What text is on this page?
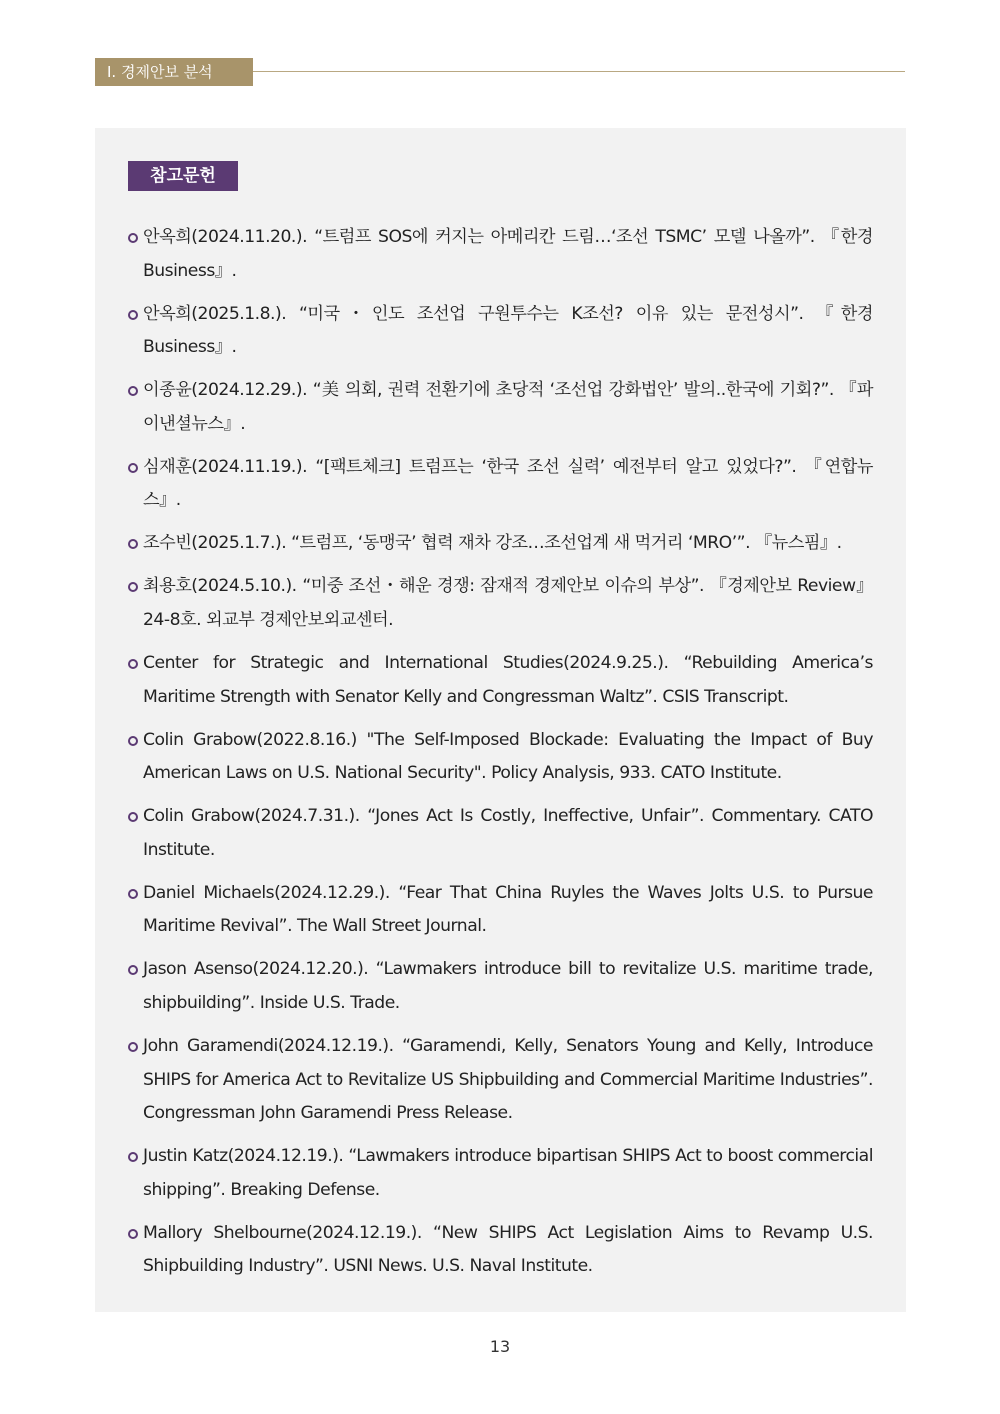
Ⅰ. 경제안보 분석
참고문헌
안옥희(2024.11.20.). “트럼프 SOS에 커지는 아메리칸 드림…‘조선 TSMC’ 모델 나올까”. 『한경 Business』.
안옥희(2025.1.8.). “미국・인도 조선업 구원투수는 K조선? 이유 있는 문전성시”. 『한경 Business』.
이종윤(2024.12.29.). “美 의회, 권력 전환기에 초당적 ‘조선업 강화법안’ 발의..한국에 기회?”. 『파이낸셜뉴스』.
심재훈(2024.11.19.). “[팩트체크] 트럼프는 ‘한국 조선 실력’ 예전부터 알고 있었다?”. 『연합뉴스』.
조수빈(2025.1.7.). “트럼프, ‘동맹국’ 협력 재차 강조…조선업계 새 먹거리 ‘MRO’”. 『뉴스핌』.
최용호(2024.5.10.). “미중 조선・해운 경쟁: 잠재적 경제안보 이슈의 부상”. 『경제안보 Review』 24-8호. 외교부 경제안보외교센터.
Center for Strategic and International Studies(2024.9.25.). “Rebuilding America’s Maritime Strength with Senator Kelly and Congressman Waltz”. CSIS Transcript.
Colin Grabow(2022.8.16.) "The Self-Imposed Blockade: Evaluating the Impact of Buy American Laws on U.S. National Security". Policy Analysis, 933. CATO Institute.
Colin Grabow(2024.7.31.). “Jones Act Is Costly, Ineffective, Unfair”. Commentary. CATO Institute.
Daniel Michaels(2024.12.29.). “Fear That China Ruyles the Waves Jolts U.S. to Pursue Maritime Revival”. The Wall Street Journal.
Jason Asenso(2024.12.20.). “Lawmakers introduce bill to revitalize U.S. maritime trade, shipbuilding”. Inside U.S. Trade.
John Garamendi(2024.12.19.). “Garamendi, Kelly, Senators Young and Kelly, Introduce SHIPS for America Act to Revitalize US Shipbuilding and Commercial Maritime Industries”. Congressman John Garamendi Press Release.
Justin Katz(2024.12.19.). “Lawmakers introduce bipartisan SHIPS Act to boost commercial shipping”. Breaking Defense.
Mallory Shelbourne(2024.12.19.). “New SHIPS Act Legislation Aims to Revamp U.S. Shipbuilding Industry”. USNI News. U.S. Naval Institute.
13
